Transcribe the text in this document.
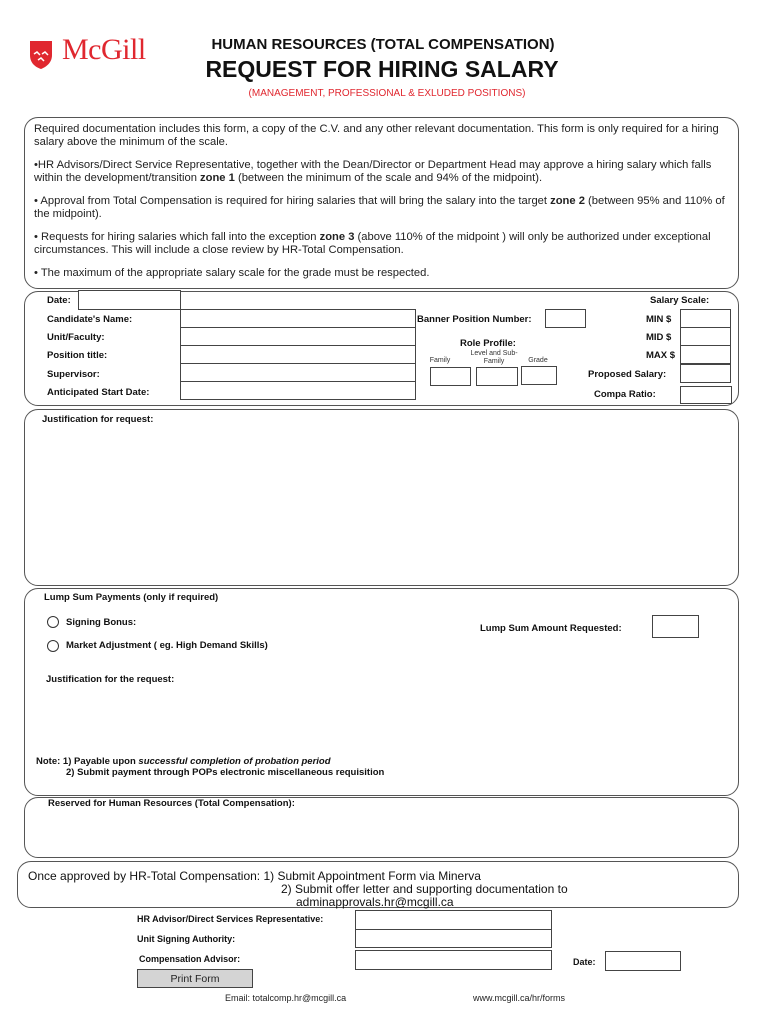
McGill	HUMAN RESOURCES (TOTAL COMPENSATION)
REQUEST FOR HIRING SALARY
(MANAGEMENT, PROFESSIONAL & EXLUDED POSITIONS)

Required documentation includes this form, a copy of the C.V. and any other relevant documentation. This form is only required for a hiring salary above the minimum of the scale.

•HR Advisors/Direct Service Representative, together with the Dean/Director or Department Head may approve a hiring salary which falls within the development/transition zone 1 (between the minimum of the scale and 94% of the midpoint).

• Approval from Total Compensation is required for hiring salaries that will bring the salary into the target zone 2 (between 95% and 110% of the midpoint).

• Requests for hiring salaries which fall into the exception zone 3 (above 110% of the midpoint ) will only be authorized under exceptional circumstances. This will include a close review by HR-Total Compensation.

• The maximum of the appropriate salary scale for the grade must be respected.

Date:
Candidate's Name:
Unit/Faculty:
Position title:
Supervisor:
Anticipated Start Date:
Banner Position Number:
Role Profile:
Family
Level and Sub-Family	Grade
Salary Scale:
MIN $
MID $
MAX $
Proposed Salary:
Compa Ratio:
Justification for request:
Lump Sum Payments (only if required)
Signing Bonus:
Market Adjustment ( eg. High Demand Skills)
Lump Sum Amount Requested:
Justification for the request:
Note: 1) Payable upon successful completion of probation period
2) Submit payment through POPs electronic miscellaneous requisition
Reserved for Human Resources (Total Compensation):
Once approved by HR-Total Compensation: 1) Submit Appointment Form via Minerva
2) Submit offer letter and supporting documentation to
adminapprovals.hr@mcgill.ca
HR Advisor/Direct Services Representative:
Unit Signing Authority:
Compensation Advisor:	Date:
Print Form
Email: totalcomp.hr@mcgill.ca	www.mcgill.ca/hr/forms
